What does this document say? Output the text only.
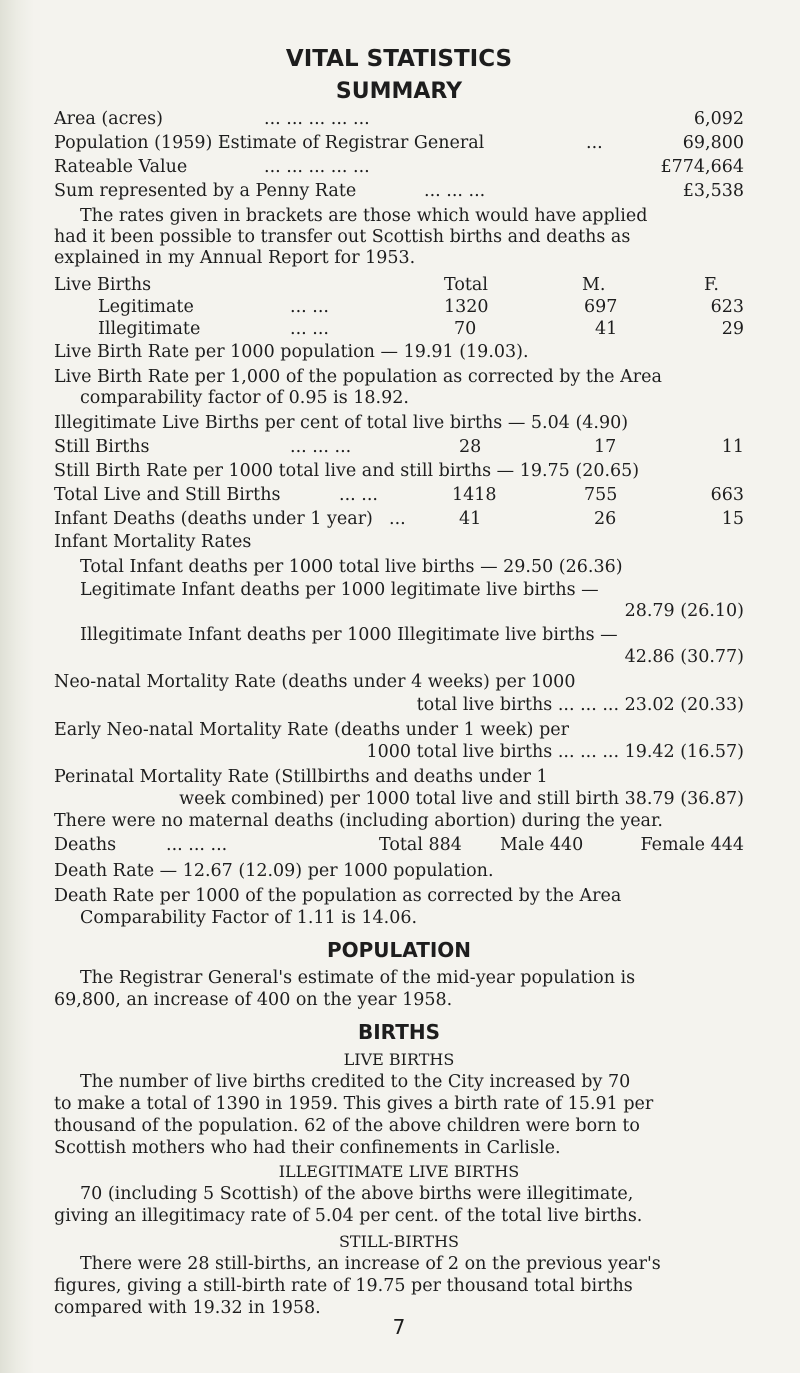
VITAL STATISTICS
SUMMARY
Area (acres)	... ... ... ... ...	6,092
Population (1959) Estimate of Registrar General	...	69,800
Rateable Value	... ... ... ... ...	£774,664
Sum represented by a Penny Rate	... ... ...	£3,538
The rates given in brackets are those which would have applied
had it been possible to transfer out Scottish births and deaths as
explained in my Annual Report for 1953.
Live Births	Total	M.	F.
Legitimate	... ...	1320	697	623
Illegitimate	... ...	70	41	29
Live Birth Rate per 1000 population — 19.91 (19.03).
Live Birth Rate per 1,000 of the population as corrected by the Area
comparability factor of 0.95 is 18.92.
Illegitimate Live Births per cent of total live births — 5.04 (4.90)
Still Births	... ... ...	28	17	11
Still Birth Rate per 1000 total live and still births — 19.75 (20.65)
Total Live and Still Births	... ...	1418	755	663
Infant Deaths (deaths under 1 year) ...	41	26	15
Infant Mortality Rates
Total Infant deaths per 1000 total live births — 29.50 (26.36)
Legitimate Infant deaths per 1000 legitimate live births —
28.79 (26.10)
Illegitimate Infant deaths per 1000 Illegitimate live births —
42.86 (30.77)
Neo-natal Mortality Rate (deaths under 4 weeks) per 1000
total live births ... ... ... 23.02 (20.33)
Early Neo-natal Mortality Rate (deaths under 1 week) per
1000 total live births ... ... ... 19.42 (16.57)
Perinatal Mortality Rate (Stillbirths and deaths under 1
week combined) per 1000 total live and still birth 38.79 (36.87)
There were no maternal deaths (including abortion) during the year.
Deaths	... ... ...	Total 884 Male 440	Female 444
Death Rate — 12.67 (12.09) per 1000 population.
Death Rate per 1000 of the population as corrected by the Area
Comparability Factor of 1.11 is 14.06.
POPULATION
The Registrar General's estimate of the mid-year population is
69,800, an increase of 400 on the year 1958.
BIRTHS
LIVE BIRTHS
The number of live births credited to the City increased by 70
to make a total of 1390 in 1959. This gives a birth rate of 15.91 per
thousand of the population. 62 of the above children were born to
Scottish mothers who had their confinements in Carlisle.
ILLEGITIMATE LIVE BIRTHS
70 (including 5 Scottish) of the above births were illegitimate,
giving an illegitimacy rate of 5.04 per cent. of the total live births.
STILL-BIRTHS
There were 28 still-births, an increase of 2 on the previous year's
figures, giving a still-birth rate of 19.75 per thousand total births
compared with 19.32 in 1958.
7
